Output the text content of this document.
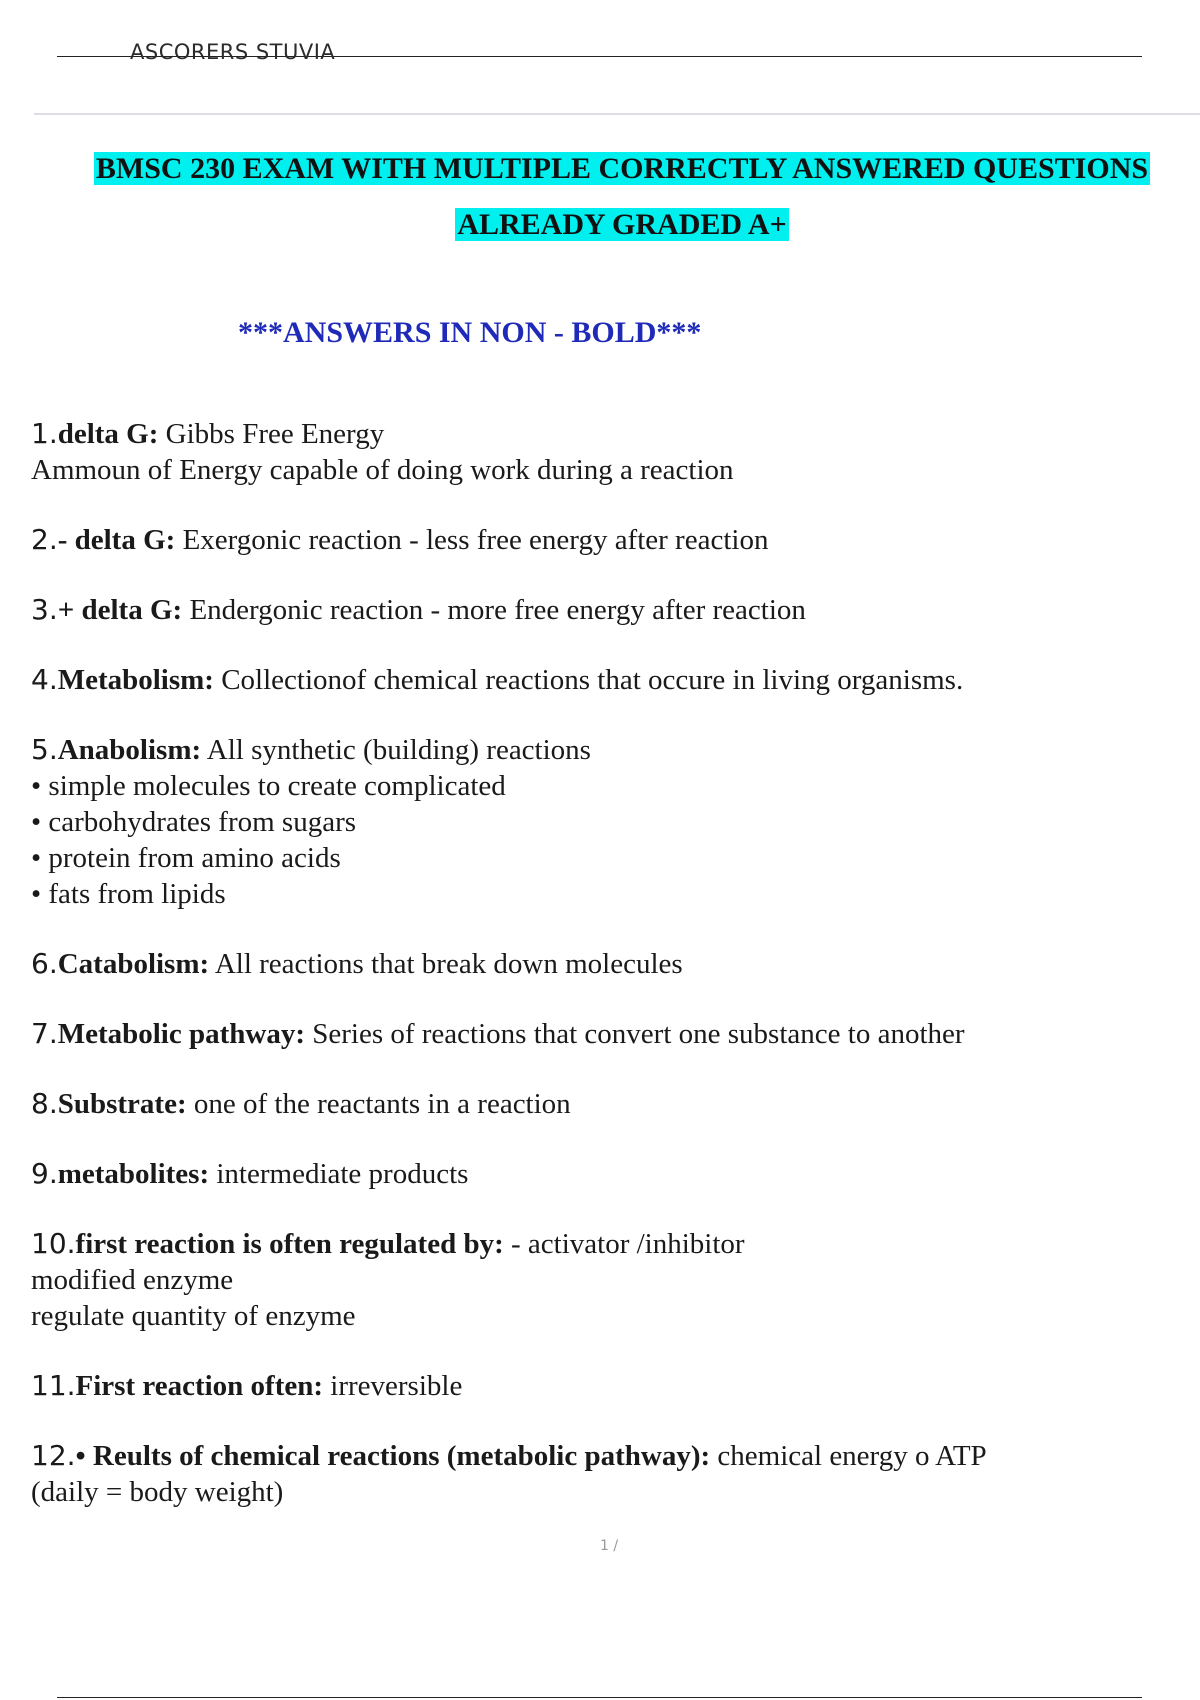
ASCORERS STUVIA
BMSC 230 EXAM WITH MULTIPLE CORRECTLY ANSWERED QUESTIONS
ALREADY GRADED A+
***ANSWERS IN NON - BOLD***
1.delta G: Gibbs Free Energy
Ammoun of Energy capable of doing work during a reaction
2.- delta G: Exergonic reaction - less free energy after reaction
3.+ delta G: Endergonic reaction - more free energy after reaction
4.Metabolism: Collectionof chemical reactions that occure in living organisms.
5.Anabolism: All synthetic (building) reactions
• simple molecules to create complicated
• carbohydrates from sugars
• protein from amino acids
• fats from lipids
6.Catabolism: All reactions that break down molecules
7.Metabolic pathway: Series of reactions that convert one substance to another
8.Substrate: one of the reactants in a reaction
9.metabolites: intermediate products
10.first reaction is often regulated by: - activator /inhibitor
modified enzyme
regulate quantity of enzyme
11.First reaction often: irreversible
12.• Reults of chemical reactions (metabolic pathway): chemical energy o ATP
(daily = body weight)
1 /
